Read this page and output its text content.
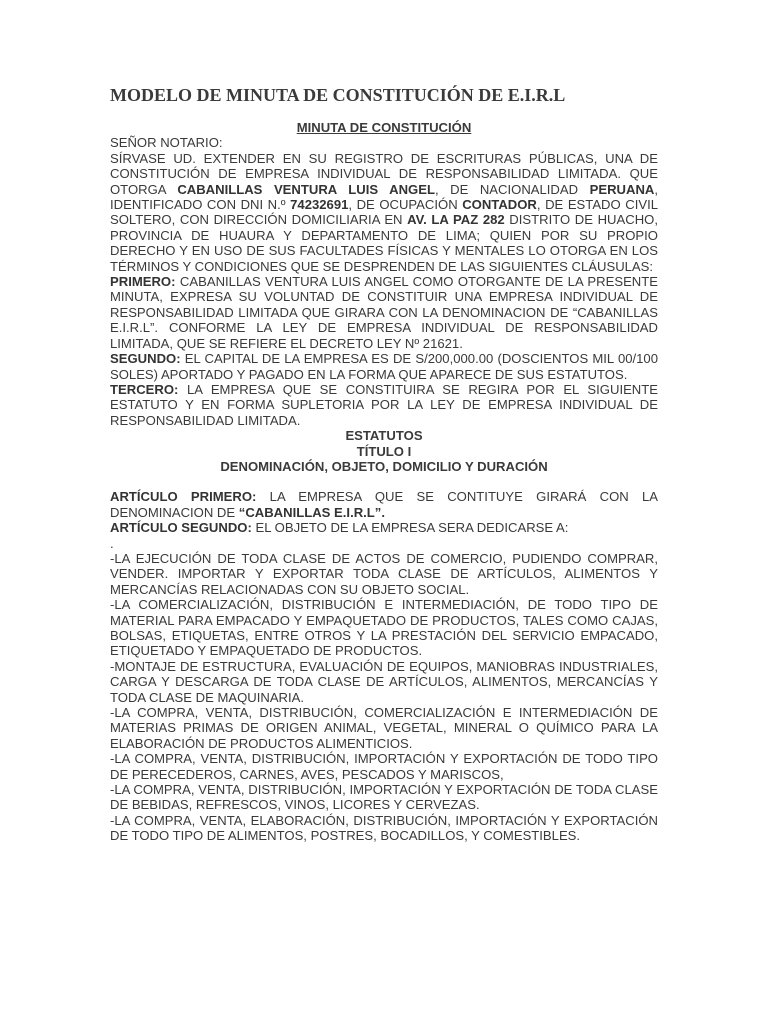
MODELO DE MINUTA DE CONSTITUCIÓN DE E.I.R.L

MINUTA DE CONSTITUCIÓN

SEÑOR NOTARIO:

SÍRVASE UD. EXTENDER EN SU REGISTRO DE ESCRITURAS PÚBLICAS, UNA DE CONSTITUCIÓN DE EMPRESA INDIVIDUAL DE RESPONSABILIDAD LIMITADA. QUE OTORGA CABANILLAS VENTURA LUIS ANGEL, DE NACIONALIDAD PERUANA, IDENTIFICADO CON DNI N.º 74232691, DE OCUPACIÓN CONTADOR, DE ESTADO CIVIL SOLTERO, CON DIRECCIÓN DOMICILIARIA EN AV. LA PAZ 282 DISTRITO DE HUACHO, PROVINCIA DE HUAURA Y DEPARTAMENTO DE LIMA; QUIEN POR SU PROPIO DERECHO Y EN USO DE SUS FACULTADES FÍSICAS Y MENTALES LO OTORGA EN LOS TÉRMINOS Y CONDICIONES QUE SE DESPRENDEN DE LAS SIGUIENTES CLÁUSULAS:

PRIMERO: CABANILLAS VENTURA LUIS ANGEL COMO OTORGANTE DE LA PRESENTE MINUTA, EXPRESA SU VOLUNTAD DE CONSTITUIR UNA EMPRESA INDIVIDUAL DE RESPONSABILIDAD LIMITADA QUE GIRARA CON LA DENOMINACION DE “CABANILLAS E.I.R.L”. CONFORME LA LEY DE EMPRESA INDIVIDUAL DE RESPONSABILIDAD LIMITADA, QUE SE REFIERE EL DECRETO LEY Nº 21621.

SEGUNDO: EL CAPITAL DE LA EMPRESA ES DE S/200,000.00 (DOSCIENTOS MIL 00/100 SOLES) APORTADO Y PAGADO EN LA FORMA QUE APARECE DE SUS ESTATUTOS.

TERCERO: LA EMPRESA QUE SE CONSTITUIRA SE REGIRA POR EL SIGUIENTE ESTATUTO Y EN FORMA SUPLETORIA POR LA LEY DE EMPRESA INDIVIDUAL DE RESPONSABILIDAD LIMITADA.

ESTATUTOS

TÍTULO I

DENOMINACIÓN, OBJETO, DOMICILIO Y DURACIÓN

ARTÍCULO PRIMERO: LA EMPRESA QUE SE CONTITUYE GIRARÁ CON LA DENOMINACION DE “CABANILLAS E.I.R.L”.

ARTÍCULO SEGUNDO: EL OBJETO DE LA EMPRESA SERA DEDICARSE A:

.

-LA EJECUCIÓN DE TODA CLASE DE ACTOS DE COMERCIO, PUDIENDO COMPRAR, VENDER. IMPORTAR Y EXPORTAR TODA CLASE DE ARTÍCULOS, ALIMENTOS Y MERCANCÍAS RELACIONADAS CON SU OBJETO SOCIAL.

-LA COMERCIALIZACIÓN, DISTRIBUCIÓN E INTERMEDIACIÓN, DE TODO TIPO DE MATERIAL PARA EMPACADO Y EMPAQUETADO DE PRODUCTOS, TALES COMO CAJAS, BOLSAS, ETIQUETAS, ENTRE OTROS Y LA PRESTACIÓN DEL SERVICIO EMPACADO, ETIQUETADO Y EMPAQUETADO DE PRODUCTOS.

-MONTAJE DE ESTRUCTURA, EVALUACIÓN DE EQUIPOS, MANIOBRAS INDUSTRIALES, CARGA Y DESCARGA DE TODA CLASE DE ARTÍCULOS, ALIMENTOS, MERCANCÍAS Y TODA CLASE DE MAQUINARIA.

-LA COMPRA, VENTA, DISTRIBUCIÓN, COMERCIALIZACIÓN E INTERMEDIACIÓN DE MATERIAS PRIMAS DE ORIGEN ANIMAL, VEGETAL, MINERAL O QUÍMICO PARA LA ELABORACIÓN DE PRODUCTOS ALIMENTICIOS.

-LA COMPRA, VENTA, DISTRIBUCIÓN, IMPORTACIÓN Y EXPORTACIÓN DE TODO TIPO DE PERECEDEROS, CARNES, AVES, PESCADOS Y MARISCOS,

-LA COMPRA, VENTA, DISTRIBUCIÓN, IMPORTACIÓN Y EXPORTACIÓN DE TODA CLASE DE BEBIDAS, REFRESCOS, VINOS, LICORES Y CERVEZAS.

-LA COMPRA, VENTA, ELABORACIÓN, DISTRIBUCIÓN, IMPORTACIÓN Y EXPORTACIÓN DE TODO TIPO DE ALIMENTOS, POSTRES, BOCADILLOS, Y COMESTIBLES.
